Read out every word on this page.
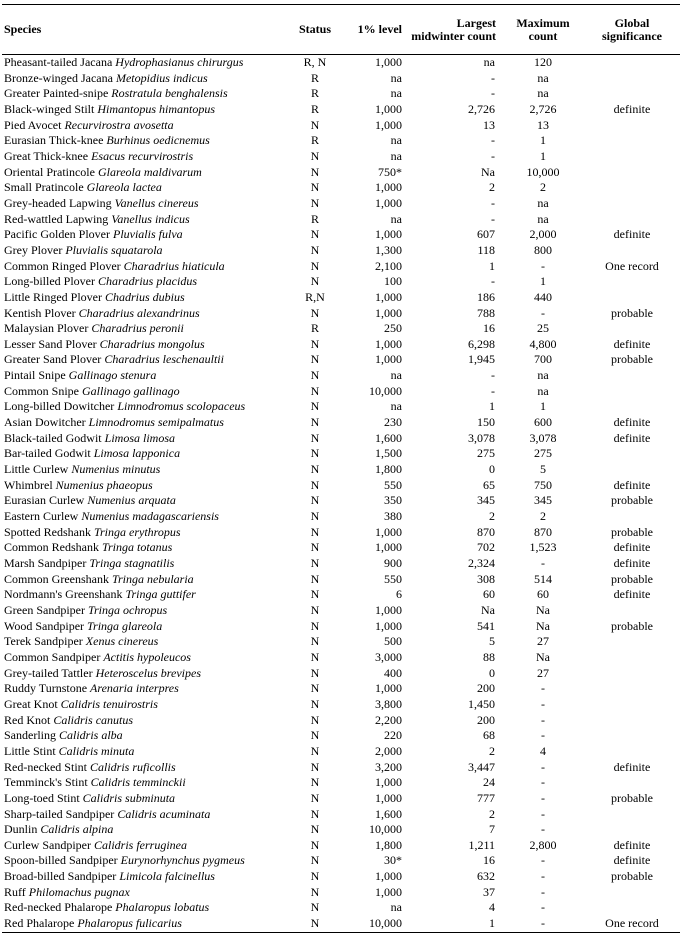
Species	Status	1% level	Largest midwinter count	Maximum count	Global significance
Pheasant-tailed Jacana Hydrophasianus chirurgus	R, N	1,000	na	120	
Bronze-winged Jacana Metopidius indicus	R	na	-	na	
Greater Painted-snipe Rostratula benghalensis	R	na	-	na	
Black-winged Stilt Himantopus himantopus	R	1,000	2,726	2,726	definite
Pied Avocet Recurvirostra avosetta	N	1,000	13	13	
Eurasian Thick-knee Burhinus oedicnemus	R	na	-	1	
Great Thick-knee Esacus recurvirostris	N	na	-	1	
Oriental Pratincole Glareola maldivarum	N	750*	Na	10,000	
Small Pratincole Glareola lactea	N	1,000	2	2	
Grey-headed Lapwing Vanellus cinereus	N	1,000	-	na	
Red-wattled Lapwing Vanellus indicus	R	na	-	na	
Pacific Golden Plover Pluvialis fulva	N	1,000	607	2,000	definite
Grey Plover Pluvialis squatarola	N	1,300	118	800	
Common Ringed Plover Charadrius hiaticula	N	2,100	1	-	One record
Long-billed Plover Charadrius placidus	N	100	-	1	
Little Ringed Plover Chadrius dubius	R,N	1,000	186	440	
Kentish Plover Charadrius alexandrinus	N	1,000	788	-	probable
Malaysian Plover Charadrius peronii	R	250	16	25	
Lesser Sand Plover Charadrius mongolus	N	1,000	6,298	4,800	definite
Greater Sand Plover Charadrius leschenaultii	N	1,000	1,945	700	probable
Pintail Snipe Gallinago stenura	N	na	-	na	
Common Snipe Gallinago gallinago	N	10,000	-	na	
Long-billed Dowitcher Limnodromus scolopaceus	N	na	1	1	
Asian Dowitcher Limnodromus semipalmatus	N	230	150	600	definite
Black-tailed Godwit Limosa limosa	N	1,600	3,078	3,078	definite
Bar-tailed Godwit Limosa lapponica	N	1,500	275	275	
Little Curlew Numenius minutus	N	1,800	0	5	
Whimbrel Numenius phaeopus	N	550	65	750	definite
Eurasian Curlew Numenius arquata	N	350	345	345	probable
Eastern Curlew Numenius madagascariensis	N	380	2	2	
Spotted Redshank Tringa erythropus	N	1,000	870	870	probable
Common Redshank Tringa totanus	N	1,000	702	1,523	definite
Marsh Sandpiper Tringa stagnatilis	N	900	2,324	-	definite
Common Greenshank Tringa nebularia	N	550	308	514	probable
Nordmann's Greenshank Tringa guttifer	N	6	60	60	definite
Green Sandpiper Tringa ochropus	N	1,000	Na	Na	
Wood Sandpiper Tringa glareola	N	1,000	541	Na	probable
Terek Sandpiper Xenus cinereus	N	500	5	27	
Common Sandpiper Actitis hypoleucos	N	3,000	88	Na	
Grey-tailed Tattler Heteroscelus brevipes	N	400	0	27	
Ruddy Turnstone Arenaria interpres	N	1,000	200	-	
Great Knot Calidris tenuirostris	N	3,800	1,450	-	
Red Knot Calidris canutus	N	2,200	200	-	
Sanderling Calidris alba	N	220	68	-	
Little Stint Calidris minuta	N	2,000	2	4	
Red-necked Stint Calidris ruficollis	N	3,200	3,447	-	definite
Temminck's Stint Calidris temminckii	N	1,000	24	-	
Long-toed Stint Calidris subminuta	N	1,000	777	-	probable
Sharp-tailed Sandpiper Calidris acuminata	N	1,600	2	-	
Dunlin Calidris alpina	N	10,000	7	-	
Curlew Sandpiper Calidris ferruginea	N	1,800	1,211	2,800	definite
Spoon-billed Sandpiper Eurynorhynchus pygmeus	N	30*	16	-	definite
Broad-billed Sandpiper Limicola falcinellus	N	1,000	632	-	probable
Ruff Philomachus pugnax	N	1,000	37	-	
Red-necked Phalarope Phalaropus lobatus	N	na	4	-	
Red Phalarope Phalaropus fulicarius	N	10,000	1	-	One record
